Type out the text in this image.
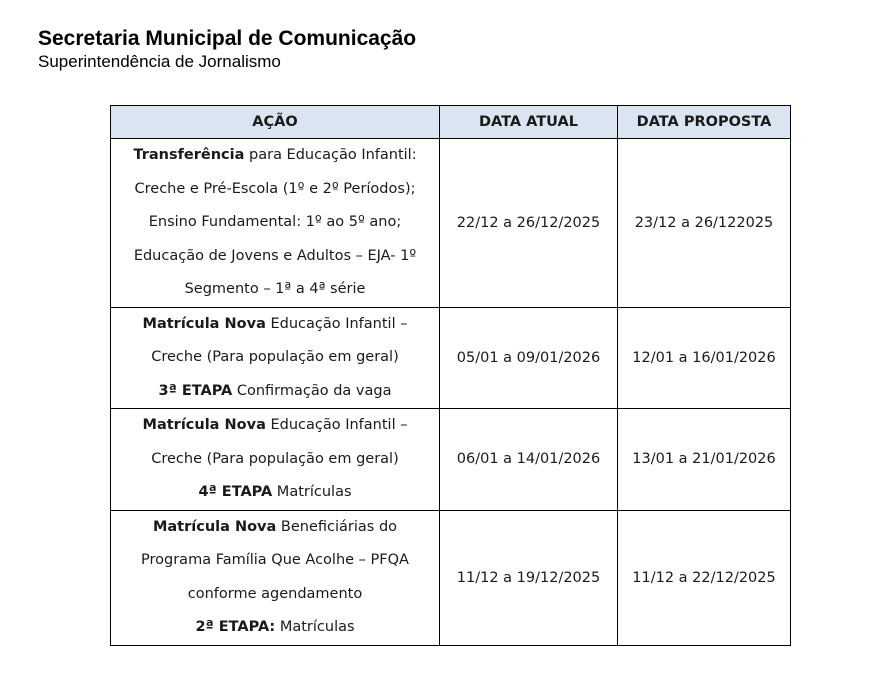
Secretaria Municipal de Comunicação
Superintendência de Jornalismo
AÇÃO	DATA ATUAL	DATA PROPOSTA

Transferência para Educação Infantil:
Creche e Pré-Escola (1º e 2º Períodos);
Ensino Fundamental: 1º ao 5º ano;
Educação de Jovens e Adultos – EJA- 1º
Segmento – 1ª a 4ª série	22/12 a 26/12/2025	23/12 a 26/122025

Matrícula Nova Educação Infantil –
Creche (Para população em geral)
3ª ETAPA Confirmação da vaga	05/01 a 09/01/2026	12/01 a 16/01/2026

Matrícula Nova Educação Infantil –
Creche (Para população em geral)
4ª ETAPA Matrículas	06/01 a 14/01/2026	13/01 a 21/01/2026

Matrícula Nova Beneficiárias do
Programa Família Que Acolhe – PFQA
conforme agendamento
2ª ETAPA: Matrículas	11/12 a 19/12/2025	11/12 a 22/12/2025
